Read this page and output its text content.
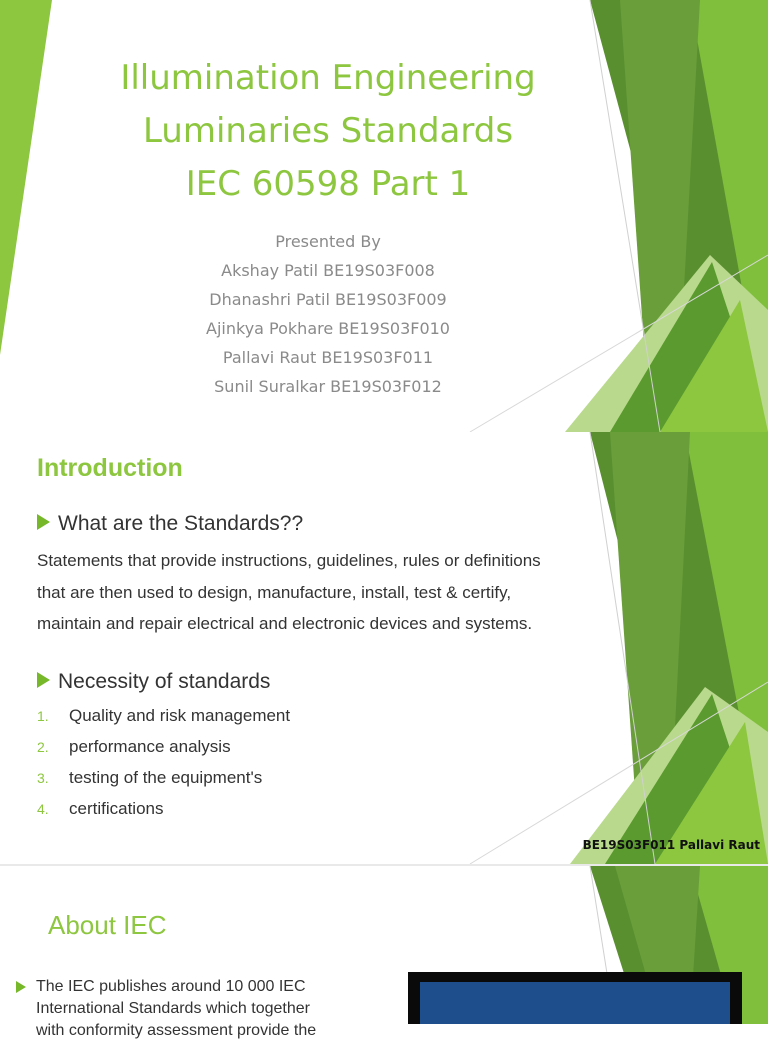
Illumination Engineering
Luminaries Standards
IEC 60598 Part 1
Presented By
Akshay Patil BE19S03F008
Dhanashri Patil BE19S03F009
Ajinkya Pokhare BE19S03F010
Pallavi Raut BE19S03F011
Sunil Suralkar BE19S03F012
Introduction
What are the Standards??
Statements that provide instructions, guidelines, rules or definitions
that are then used to design, manufacture, install, test & certify,
maintain and repair electrical and electronic devices and systems.
Necessity of standards
1. Quality and risk management
2. performance analysis
3. testing of the equipment's
4. certifications
BE19S03F011 Pallavi Raut
About IEC
The IEC publishes around 10 000 IEC
International Standards which together
with conformity assessment provide the
